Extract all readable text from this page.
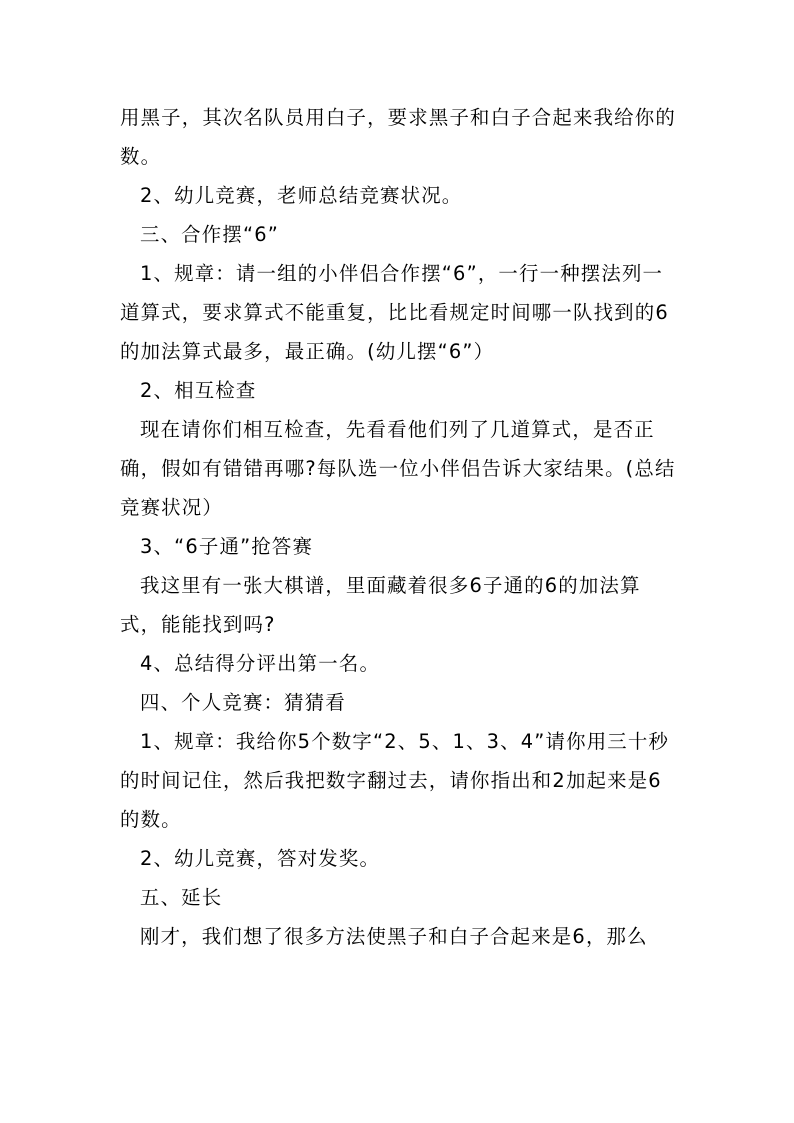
用黑子，其次名队员用白子，要求黑子和白子合起来我给你的数。

2、幼儿竞赛，老师总结竞赛状况。

三、合作摆“6”

1、规章：请一组的小伴侣合作摆“6”，一行一种摆法列一道算式，要求算式不能重复，比比看规定时间哪一队找到的6的加法算式最多，最正确。(幼儿摆“6”）

2、相互检查

现在请你们相互检查，先看看他们列了几道算式，是否正确，假如有错错再哪?每队选一位小伴侣告诉大家结果。(总结竞赛状况）

3、“6子通”抢答赛

我这里有一张大棋谱，里面藏着很多6子通的6的加法算式，能能找到吗?

4、总结得分评出第一名。

四、个人竞赛：猜猜看

1、规章：我给你5个数字“2、5、1、3、4”请你用三十秒的时间记住，然后我把数字翻过去，请你指出和2加起来是6的数。

2、幼儿竞赛，答对发奖。

五、延长

刚才，我们想了很多方法使黑子和白子合起来是6，那么
